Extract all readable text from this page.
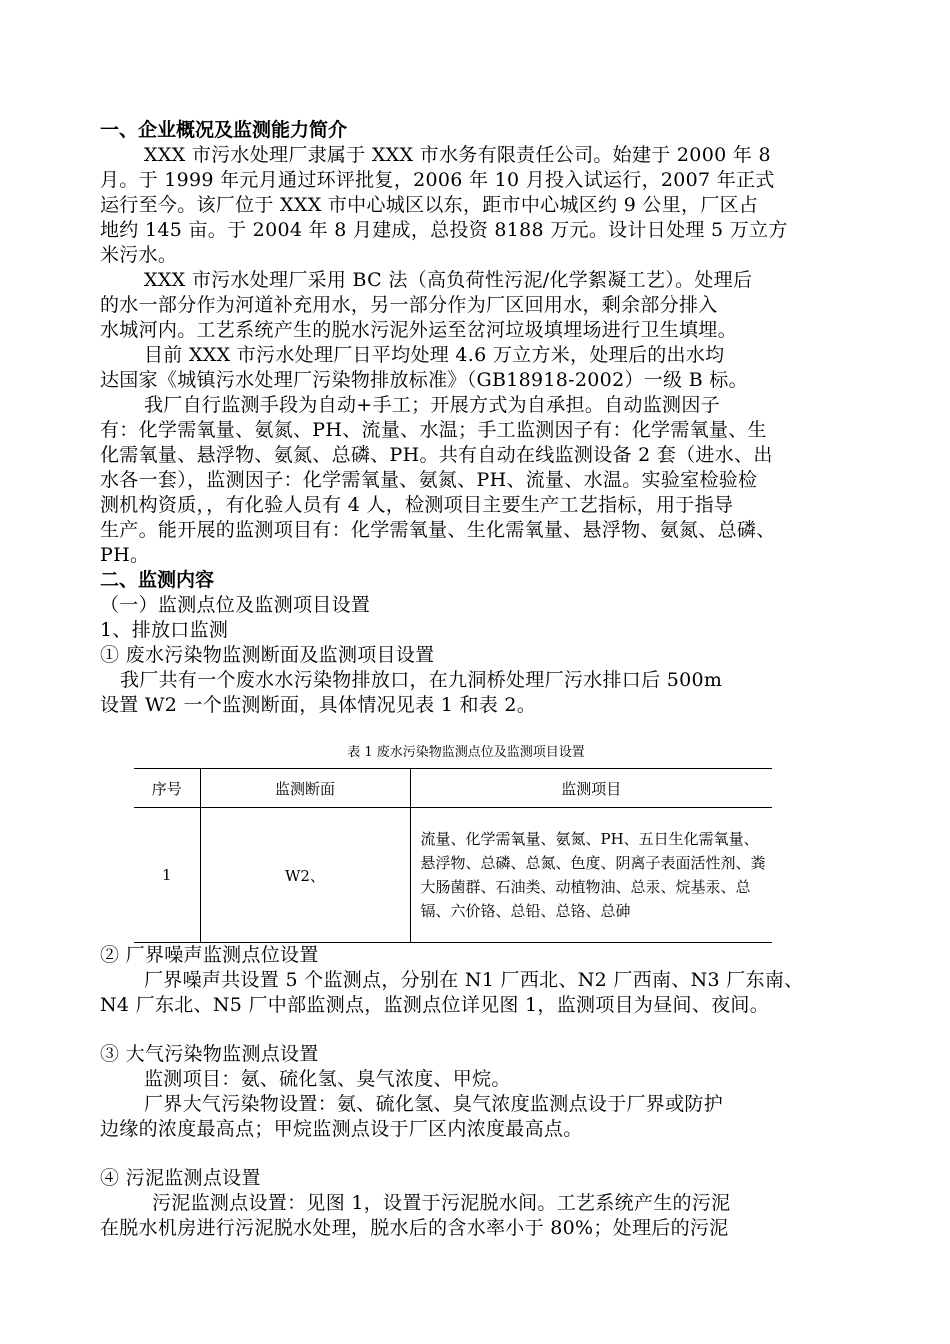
一、企业概况及监测能力简介
XXX 市污水处理厂隶属于 XXX 市水务有限责任公司。始建于 2000 年 8
月。于 1999 年元月通过环评批复，2006 年 10 月投入试运行，2007 年正式
运行至今。该厂位于 XXX 市中心城区以东，距市中心城区约 9 公里，厂区占
地约 145 亩。于 2004 年 8 月建成，总投资 8188 万元。设计日处理 5 万立方
米污水。
XXX 市污水处理厂采用 BC 法（高负荷性污泥/化学絮凝工艺）。处理后
的水一部分作为河道补充用水，另一部分作为厂区回用水，剩余部分排入
水城河内。工艺系统产生的脱水污泥外运至岔河垃圾填埋场进行卫生填埋。
目前 XXX 市污水处理厂日平均处理 4.6 万立方米，处理后的出水均
达国家《城镇污水处理厂污染物排放标准》（GB18918-2002）一级 B 标。
我厂自行监测手段为自动+手工；开展方式为自承担。自动监测因子
有：化学需氧量、氨氮、PH、流量、水温；手工监测因子有：化学需氧量、生
化需氧量、悬浮物、氨氮、总磷、PH。共有自动在线监测设备 2 套（进水、出
水各一套），监测因子：化学需氧量、氨氮、PH、流量、水温。实验室检验检
测机构资质，，有化验人员有 4 人，检测项目主要生产工艺指标，用于指导
生产。能开展的监测项目有：化学需氧量、生化需氧量、悬浮物、氨氮、总磷、
PH。
二、监测内容
（一）监测点位及监测项目设置
1、排放口监测
① 废水污染物监测断面及监测项目设置
我厂共有一个废水水污染物排放口，在九洞桥处理厂污水排口后 500m
设置 W2 一个监测断面，具体情况见表 1 和表 2。
表 1 废水污染物监测点位及监测项目设置
序号	监测断面	监测项目
1	W2、	流量、化学需氧量、氨氮、PH、五日生化需氧量、悬浮物、总磷、总氮、色度、阴离子表面活性剂、粪大肠菌群、石油类、动植物油、总汞、烷基汞、总镉、六价铬、总铅、总铬、总砷
② 厂界噪声监测点位设置
厂界噪声共设置 5 个监测点，分别在 N1 厂西北、N2 厂西南、N3 厂东南、
N4 厂东北、N5 厂中部监测点，监测点位详见图 1，监测项目为昼间、夜间。
③ 大气污染物监测点设置
监测项目：氨、硫化氢、臭气浓度、甲烷。
厂界大气污染物设置：氨、硫化氢、臭气浓度监测点设于厂界或防护
边缘的浓度最高点；甲烷监测点设于厂区内浓度最高点。
④ 污泥监测点设置
污泥监测点设置：见图 1，设置于污泥脱水间。工艺系统产生的污泥
在脱水机房进行污泥脱水处理，脱水后的含水率小于 80%；处理后的污泥
